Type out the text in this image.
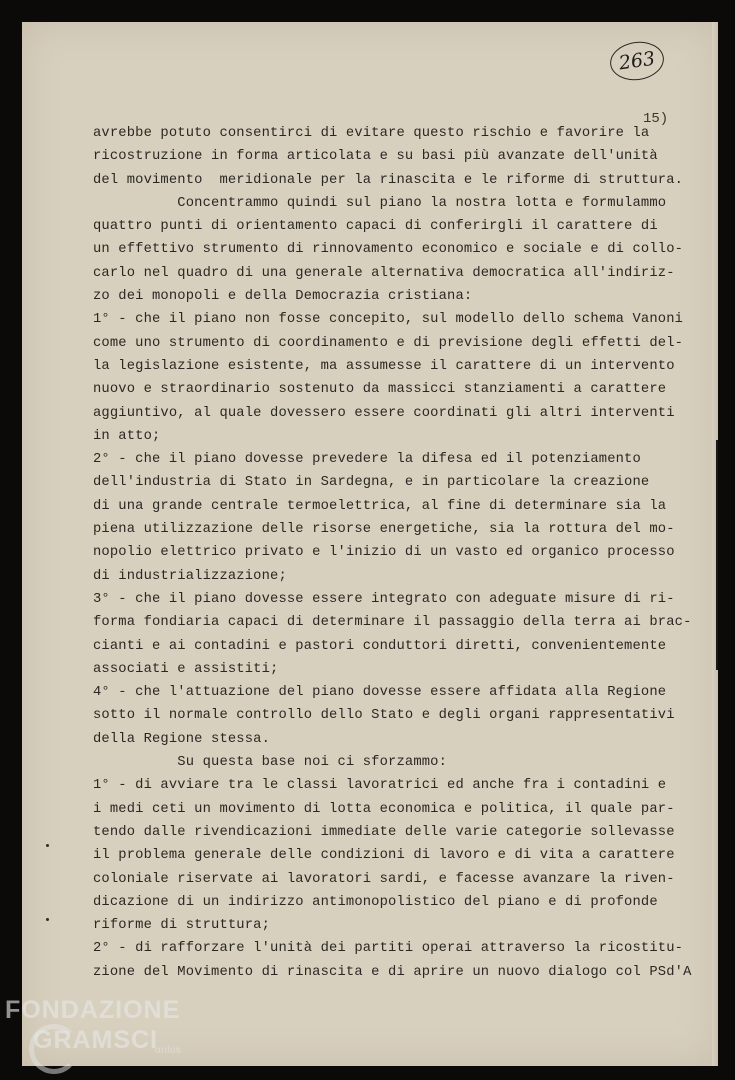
263
15)
avrebbe potuto consentirci di evitare questo rischio e favorire la
ricostruzione in forma articolata e su basi più avanzate dell'unità
del movimento  meridionale per la rinascita e le riforme di struttura.
Concentrammo quindi sul piano la nostra lotta e formulammo
quattro punti di orientamento capaci di conferirgli il carattere di
un effettivo strumento di rinnovamento economico e sociale e di collo-
carlo nel quadro di una generale alternativa democratica all'indiriz-
zo dei monopoli e della Democrazia cristiana:
1° - che il piano non fosse concepito, sul modello dello schema Vanoni
come uno strumento di coordinamento e di previsione degli effetti del-
la legislazione esistente, ma assumesse il carattere di un intervento
nuovo e straordinario sostenuto da massicci stanziamenti a carattere
aggiuntivo, al quale dovessero essere coordinati gli altri interventi
in atto;
2° - che il piano dovesse prevedere la difesa ed il potenziamento
dell'industria di Stato in Sardegna, e in particolare la creazione
di una grande centrale termoelettrica, al fine di determinare sia la
piena utilizzazione delle risorse energetiche, sia la rottura del mo-
nopolio elettrico privato e l'inizio di un vasto ed organico processo
di industrializzazione;
3° - che il piano dovesse essere integrato con adeguate misure di ri-
forma fondiaria capaci di determinare il passaggio della terra ai brac-
cianti e ai contadini e pastori conduttori diretti, convenientemente
associati e assistiti;
4° - che l'attuazione del piano dovesse essere affidata alla Regione
sotto il normale controllo dello Stato e degli organi rappresentativi
della Regione stessa.
Su questa base noi ci sforzammo:
1° - di avviare tra le classi lavoratrici ed anche fra i contadini e
i medi ceti un movimento di lotta economica e politica, il quale par-
tendo dalle rivendicazioni immediate delle varie categorie sollevasse
il problema generale delle condizioni di lavoro e di vita a carattere
coloniale riservate ai lavoratori sardi, e facesse avanzare la riven-
dicazione di un indirizzo antimonopolistico del piano e di profonde
riforme di struttura;
2° - di rafforzare l'unità dei partiti operai attraverso la ricostitu-
zione del Movimento di rinascita e di aprire un nuovo dialogo col PSd'A
FONDAZIONE
GRAMSCI
onlus
